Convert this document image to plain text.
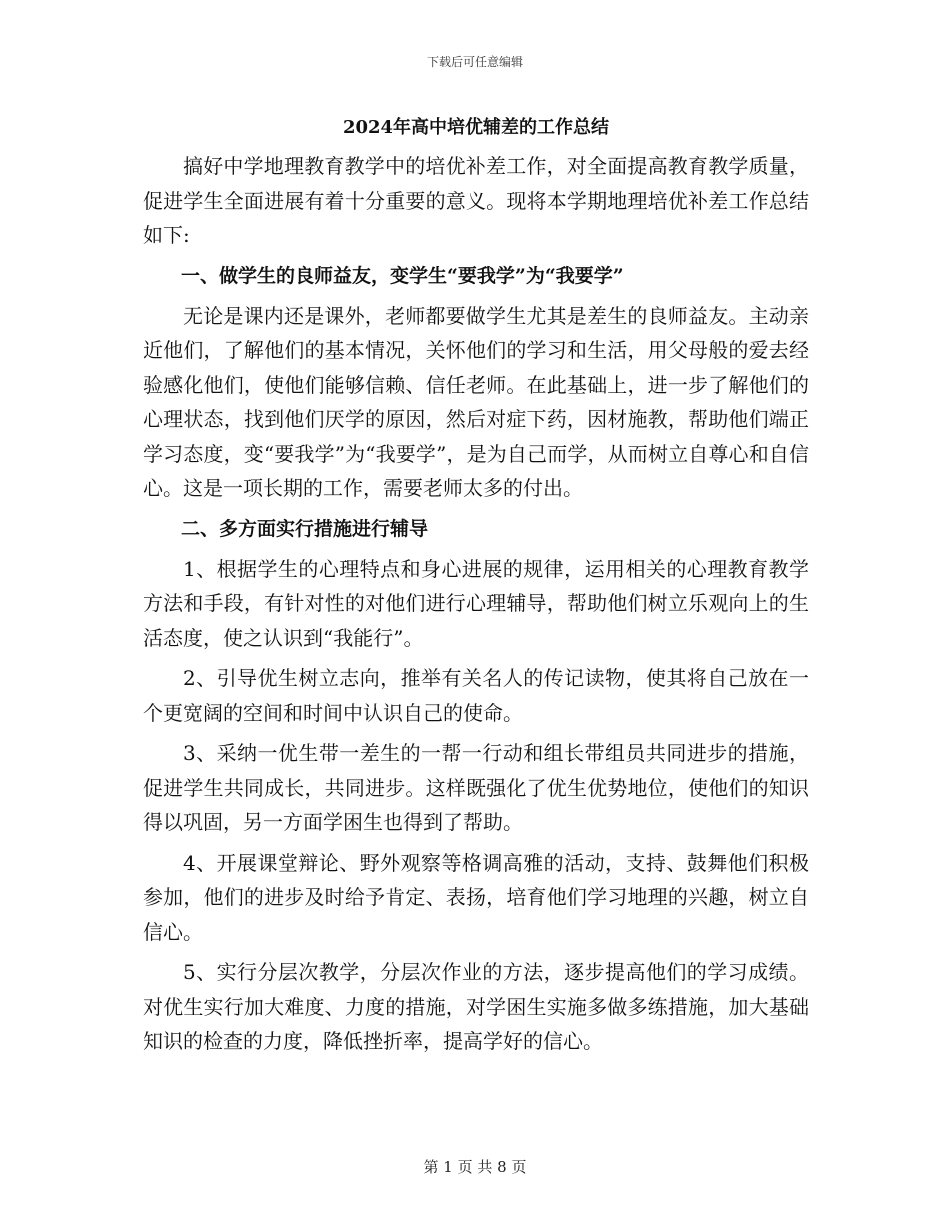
下载后可任意编辑
2024年高中培优辅差的工作总结

搞好中学地理教育教学中的培优补差工作，对全面提高教育教学质量，促进学生全面进展有着十分重要的意义。现将本学期地理培优补差工作总结如下:

一、做学生的良师益友，变学生“要我学”为“我要学”

无论是课内还是课外，老师都要做学生尤其是差生的良师益友。主动亲近他们，了解他们的基本情况，关怀他们的学习和生活，用父母般的爱去经验感化他们，使他们能够信赖、信任老师。在此基础上，进一步了解他们的心理状态，找到他们厌学的原因，然后对症下药，因材施教，帮助他们端正学习态度，变“要我学”为“我要学”，是为自己而学，从而树立自尊心和自信心。这是一项长期的工作，需要老师太多的付出。

二、多方面实行措施进行辅导

1、根据学生的心理特点和身心进展的规律，运用相关的心理教育教学方法和手段，有针对性的对他们进行心理辅导，帮助他们树立乐观向上的生活态度，使之认识到“我能行”。

2、引导优生树立志向，推举有关名人的传记读物，使其将自己放在一个更宽阔的空间和时间中认识自己的使命。

3、采纳一优生带一差生的一帮一行动和组长带组员共同进步的措施，促进学生共同成长，共同进步。这样既强化了优生优势地位，使他们的知识得以巩固，另一方面学困生也得到了帮助。

4、开展课堂辩论、野外观察等格调高雅的活动，支持、鼓舞他们积极参加，他们的进步及时给予肯定、表扬，培育他们学习地理的兴趣，树立自信心。

5、实行分层次教学，分层次作业的方法，逐步提高他们的学习成绩。对优生实行加大难度、力度的措施，对学困生实施多做多练措施，加大基础知识的检查的力度，降低挫折率，提高学好的信心。

第 1 页 共 8 页
